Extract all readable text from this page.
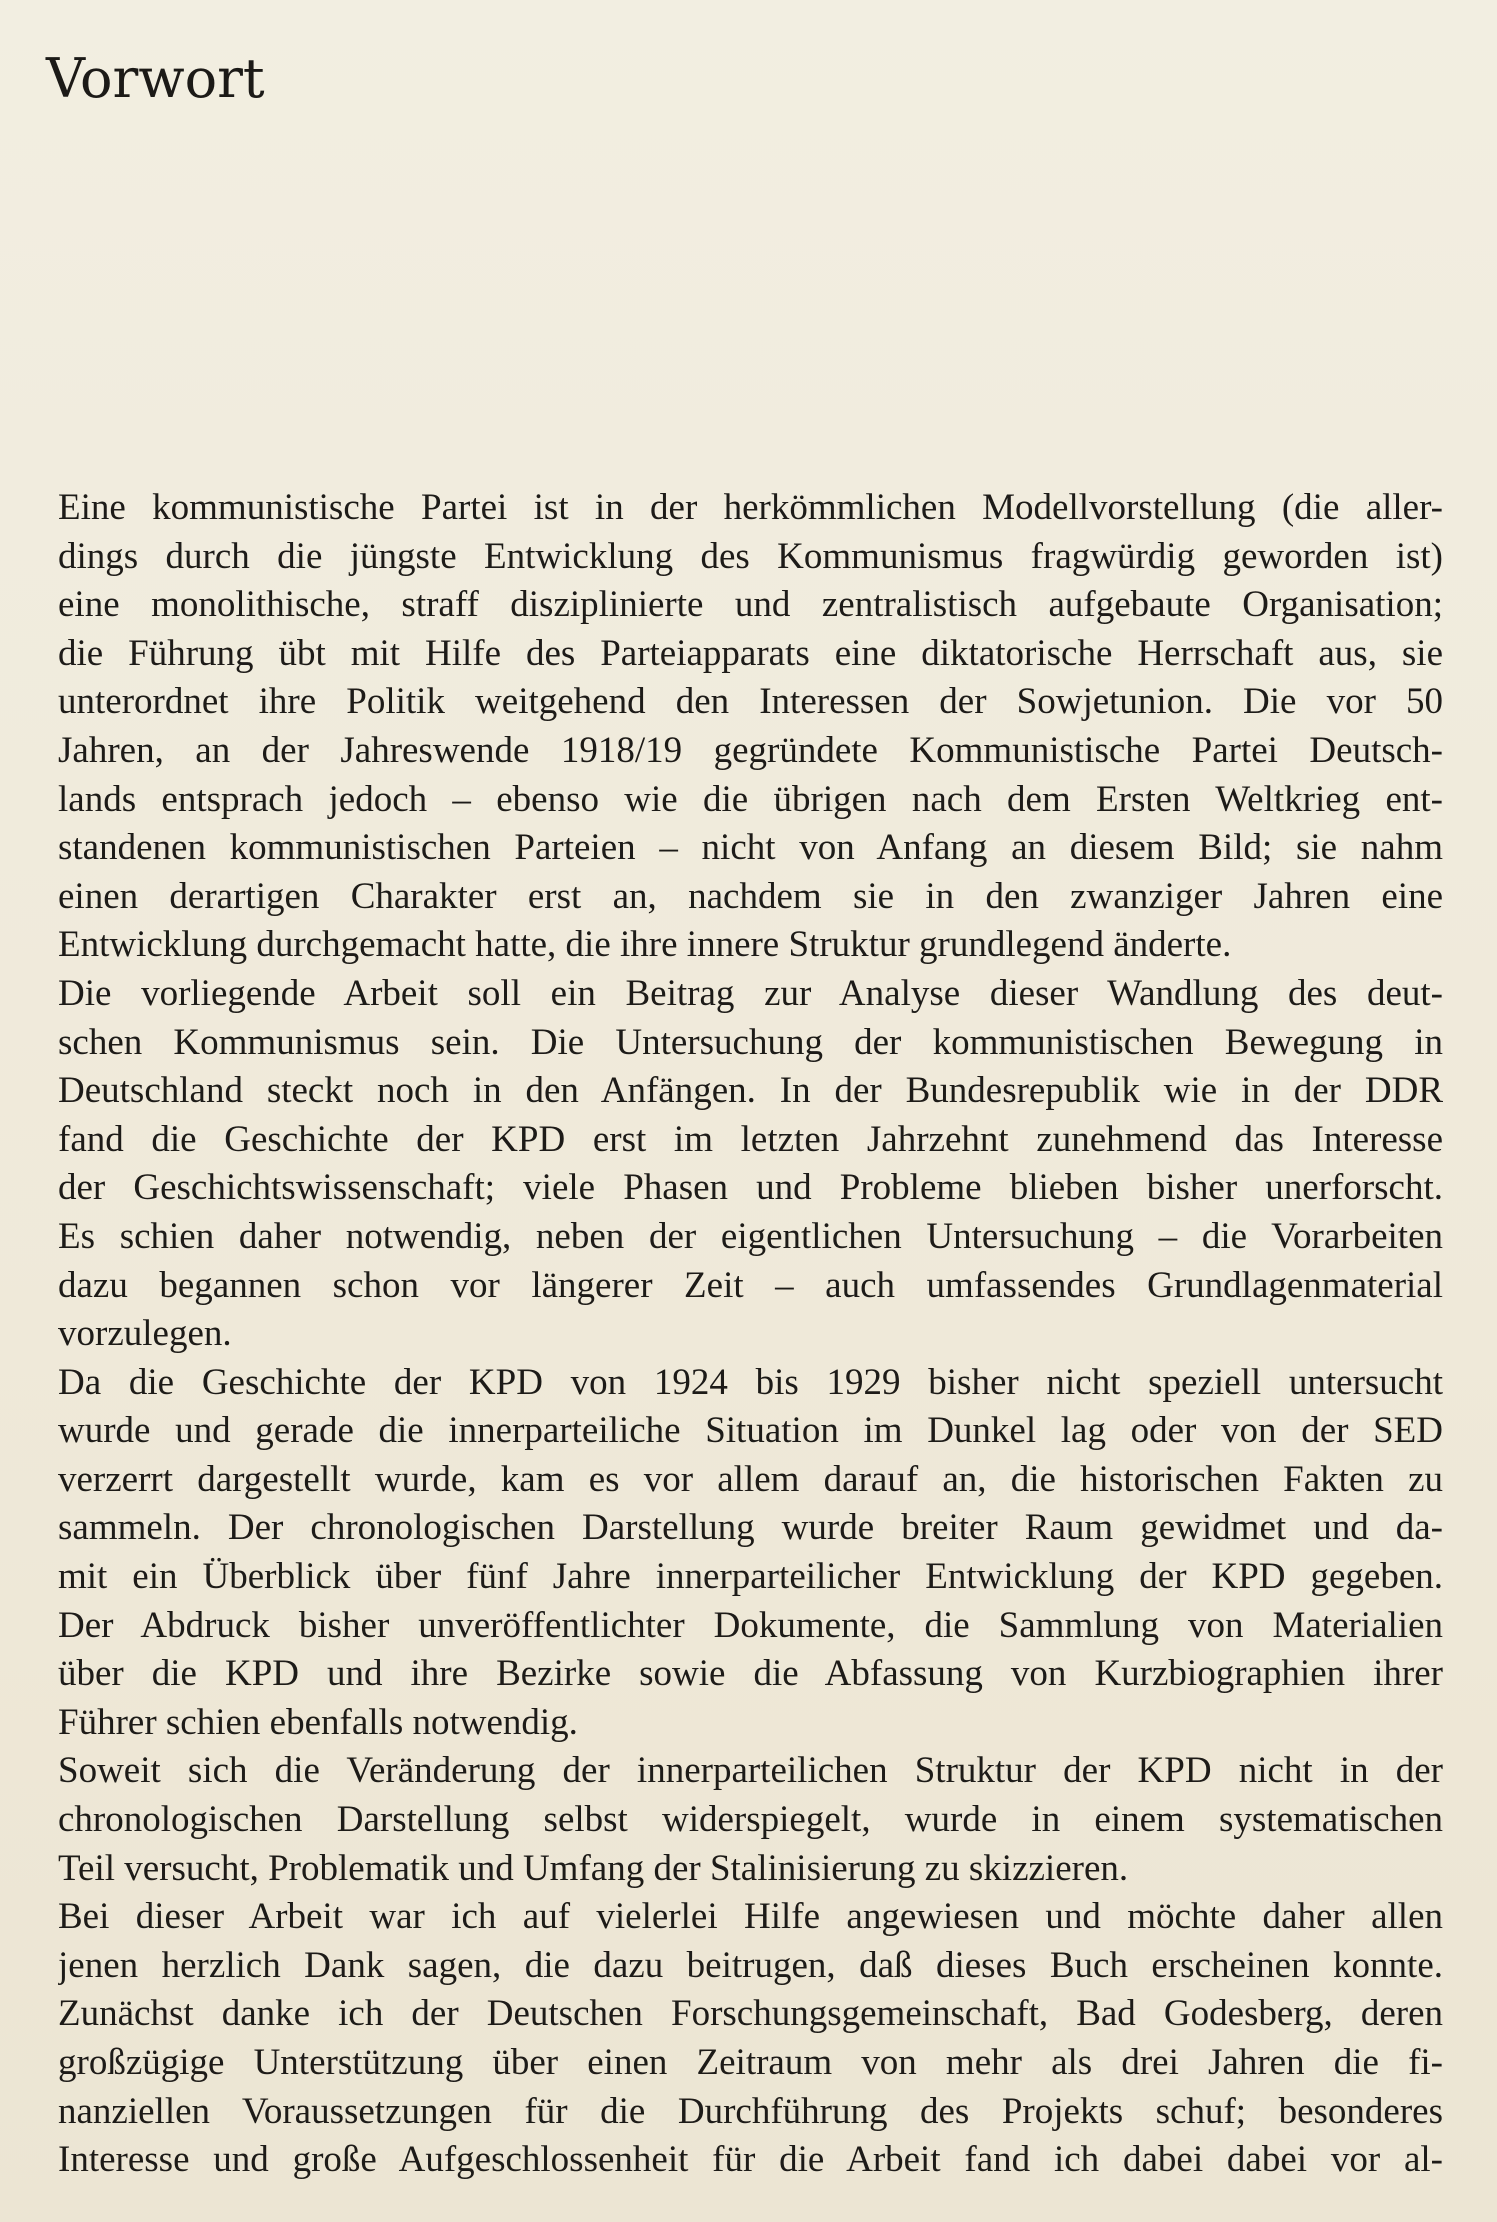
Vorwort

Eine kommunistische Partei ist in der herkömmlichen Modellvorstellung (die aller-
dings durch die jüngste Entwicklung des Kommunismus fragwürdig geworden ist)
eine monolithische, straff disziplinierte und zentralistisch aufgebaute Organisation;
die Führung übt mit Hilfe des Parteiapparats eine diktatorische Herrschaft aus, sie
unterordnet ihre Politik weitgehend den Interessen der Sowjetunion. Die vor 50
Jahren, an der Jahreswende 1918/19 gegründete Kommunistische Partei Deutsch-
lands entsprach jedoch – ebenso wie die übrigen nach dem Ersten Weltkrieg ent-
standenen kommunistischen Parteien – nicht von Anfang an diesem Bild; sie nahm
einen derartigen Charakter erst an, nachdem sie in den zwanziger Jahren eine
Entwicklung durchgemacht hatte, die ihre innere Struktur grundlegend änderte.

Die vorliegende Arbeit soll ein Beitrag zur Analyse dieser Wandlung des deut-
schen Kommunismus sein. Die Untersuchung der kommunistischen Bewegung in
Deutschland steckt noch in den Anfängen. In der Bundesrepublik wie in der DDR
fand die Geschichte der KPD erst im letzten Jahrzehnt zunehmend das Interesse
der Geschichtswissenschaft; viele Phasen und Probleme blieben bisher unerforscht.
Es schien daher notwendig, neben der eigentlichen Untersuchung – die Vorarbeiten
dazu begannen schon vor längerer Zeit – auch umfassendes Grundlagenmaterial
vorzulegen.

Da die Geschichte der KPD von 1924 bis 1929 bisher nicht speziell untersucht
wurde und gerade die innerparteiliche Situation im Dunkel lag oder von der SED
verzerrt dargestellt wurde, kam es vor allem darauf an, die historischen Fakten zu
sammeln. Der chronologischen Darstellung wurde breiter Raum gewidmet und da-
mit ein Überblick über fünf Jahre innerparteilicher Entwicklung der KPD gegeben.
Der Abdruck bisher unveröffentlichter Dokumente, die Sammlung von Materialien
über die KPD und ihre Bezirke sowie die Abfassung von Kurzbiographien ihrer
Führer schien ebenfalls notwendig.

Soweit sich die Veränderung der innerparteilichen Struktur der KPD nicht in der
chronologischen Darstellung selbst widerspiegelt, wurde in einem systematischen
Teil versucht, Problematik und Umfang der Stalinisierung zu skizzieren.

Bei dieser Arbeit war ich auf vielerlei Hilfe angewiesen und möchte daher allen
jenen herzlich Dank sagen, die dazu beitrugen, daß dieses Buch erscheinen konnte.
Zunächst danke ich der Deutschen Forschungsgemeinschaft, Bad Godesberg, deren
großzügige Unterstützung über einen Zeitraum von mehr als drei Jahren die fi-
nanziellen Voraussetzungen für die Durchführung des Projekts schuf; besonderes
Interesse und große Aufgeschlossenheit für die Arbeit fand ich dabei dabei vor al-
